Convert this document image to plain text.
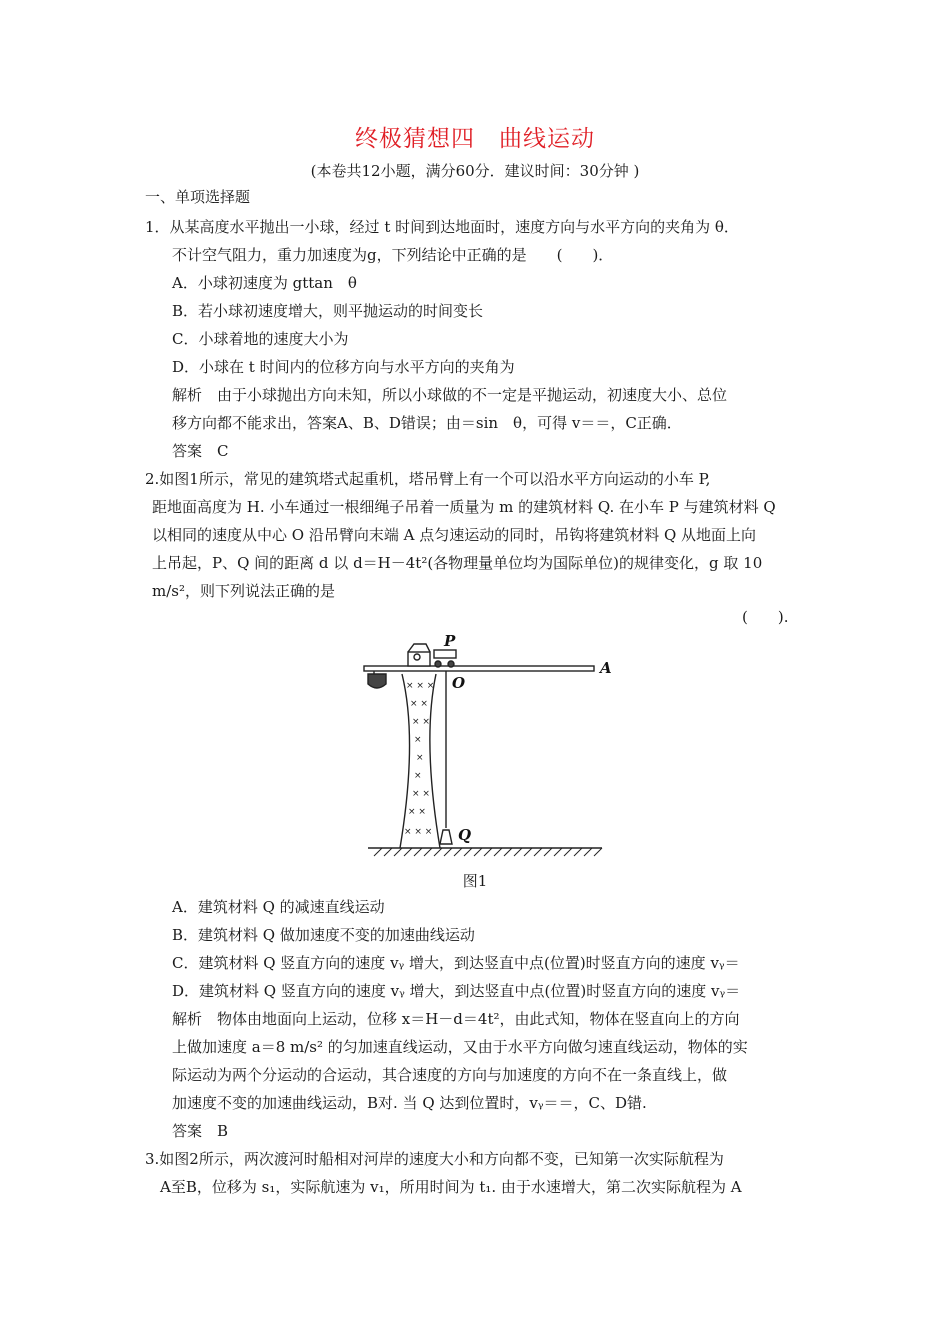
终极猜想四　曲线运动
(本卷共12小题，满分60分．建议时间：30分钟 )
一、单项选择题
1．从某高度水平抛出一小球，经过 t 时间到达地面时，速度方向与水平方向的夹角为 θ．
不计空气阻力，重力加速度为g，下列结论中正确的是　　(　　)．
A．小球初速度为 gttan　θ
B．若小球初速度增大，则平抛运动的时间变长
C．小球着地的速度大小为
D．小球在 t 时间内的位移方向与水平方向的夹角为
解析　由于小球抛出方向未知，所以小球做的不一定是平抛运动，初速度大小、总位
移方向都不能求出，答案A、B、D错误；由＝sin　θ，可得 v＝＝，C正确．
答案　C
2.如图1所示，常见的建筑塔式起重机，塔吊臂上有一个可以沿水平方向运动的小车 P,
距地面高度为 H. 小车通过一根细绳子吊着一质量为 m 的建筑材料 Q. 在小车 P 与建筑材料 Q
以相同的速度从中心 O 沿吊臂向末端 A 点匀速运动的同时，吊钩将建筑材料 Q 从地面上向
上吊起，P、Q 间的距离 d 以 d＝H－4t²(各物理量单位均为国际单位)的规律变化，g 取 10
m/s²，则下列说法正确的是
(　　).
× × ×
× ×
× ×
×
×
×
× ×
× ×
× × ×
P
O
A
Q
图1
A．建筑材料 Q 的减速直线运动
B．建筑材料 Q 做加速度不变的加速曲线运动
C．建筑材料 Q 竖直方向的速度 vᵧ 增大，到达竖直中点(位置)时竖直方向的速度 vᵧ＝
D．建筑材料 Q 竖直方向的速度 vᵧ 增大，到达竖直中点(位置)时竖直方向的速度 vᵧ＝
解析　物体由地面向上运动，位移 x＝H－d＝4t²，由此式知，物体在竖直向上的方向
上做加速度 a＝8 m/s² 的匀加速直线运动，又由于水平方向做匀速直线运动，物体的实
际运动为两个分运动的合运动，其合速度的方向与加速度的方向不在一条直线上，做
加速度不变的加速曲线运动，B对. 当 Q 达到位置时，vᵧ＝＝，C、D错.
答案　B
3.如图2所示，两次渡河时船相对河岸的速度大小和方向都不变，已知第一次实际航程为
A至B，位移为 s₁，实际航速为 v₁，所用时间为 t₁. 由于水速增大，第二次实际航程为 A
